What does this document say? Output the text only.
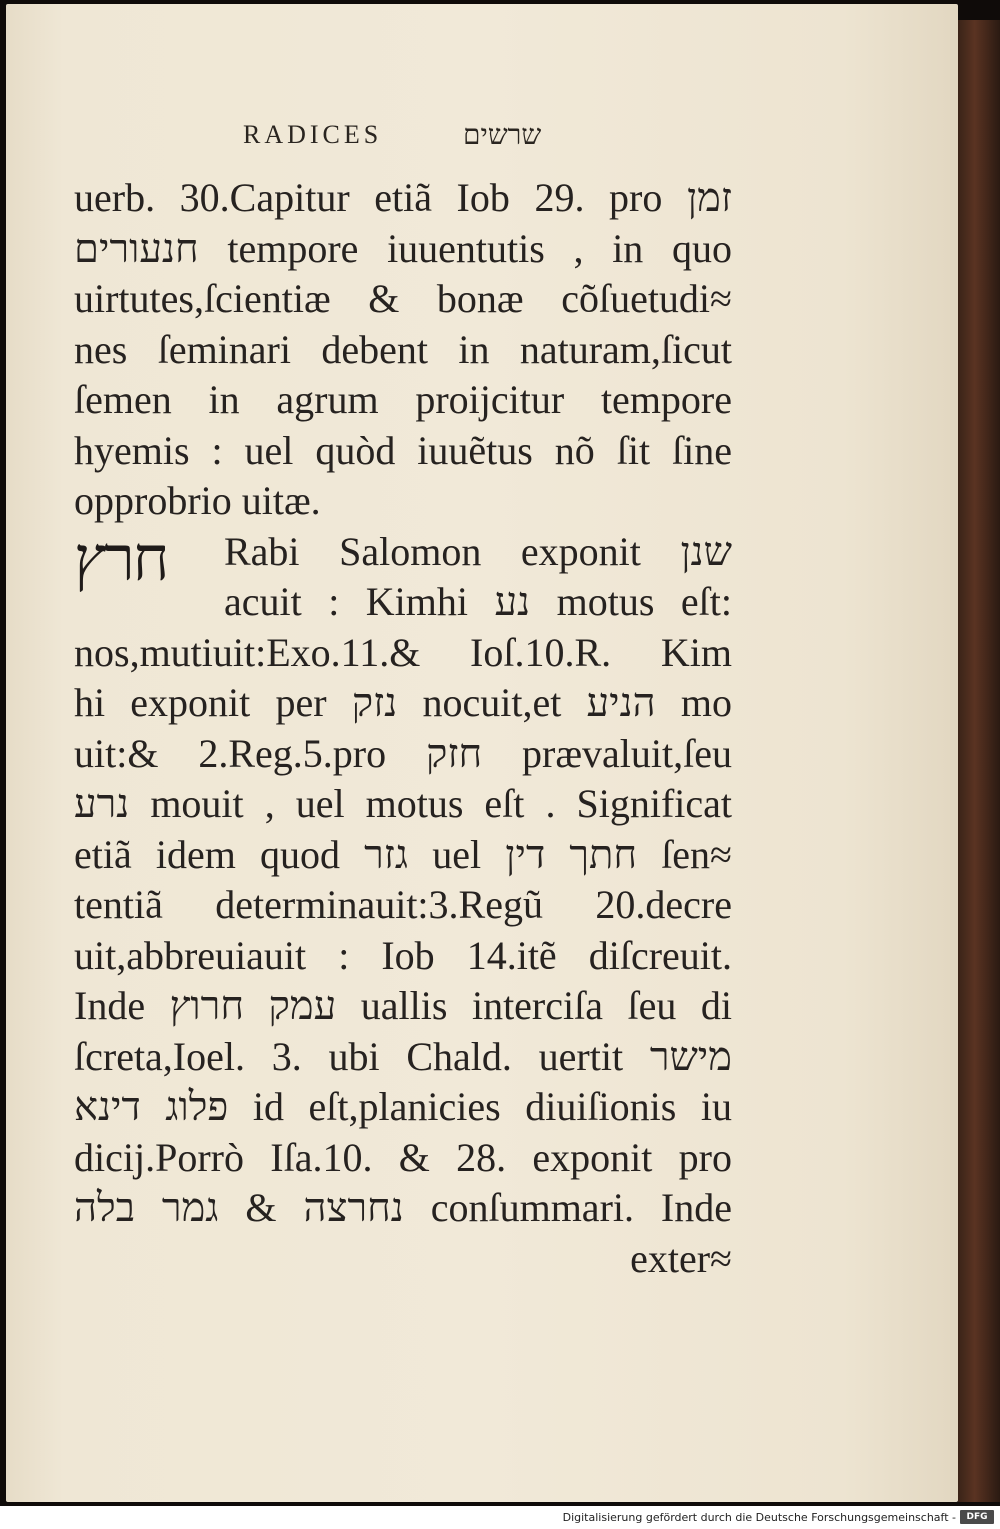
RADICES	שרשים
חרץ
uerb. 30.Capitur etiã Iob 29. pro זמן
חנעורים tempore iuuentutis , in quo
uirtutes,ſcientiæ & bonæ cõſuetudi≈
nes ſeminari debent in naturam,ſicut
ſemen in agrum proijcitur tempore
hyemis : uel quòd iuuẽtus nõ ſit ſine
opprobrio uitæ.
Rabi Salomon exponit שנן
acuit : Kimhi נע motus eſt:
nos,mutiuit:Exo.11.& Ioſ.10.R. Kim
hi exponit per נזק nocuit,et הניע mo
uit:& 2.Reg.5.pro חזק prævaluit,ſeu
נרע mouit , uel motus eſt . Significat
etiã idem quod גזר uel חתך דין ſen≈
tentiã determinauit:3.Regũ 20.decre
uit,abbreuiauit : Iob 14.itẽ diſcreuit.
Inde עמק חרוץ uallis interciſa ſeu di
ſcreta,Ioel. 3. ubi Chald. uertit מישר
פלוג דינא id eſt,planicies diuiſionis iu
dicij.Porrò Iſa.10. & 28. exponit pro
נחרצה & גמר בלה conſummari. Inde
exter≈
Digitalisierung gefördert durch die Deutsche Forschungsgemeinschaft -	DFG
